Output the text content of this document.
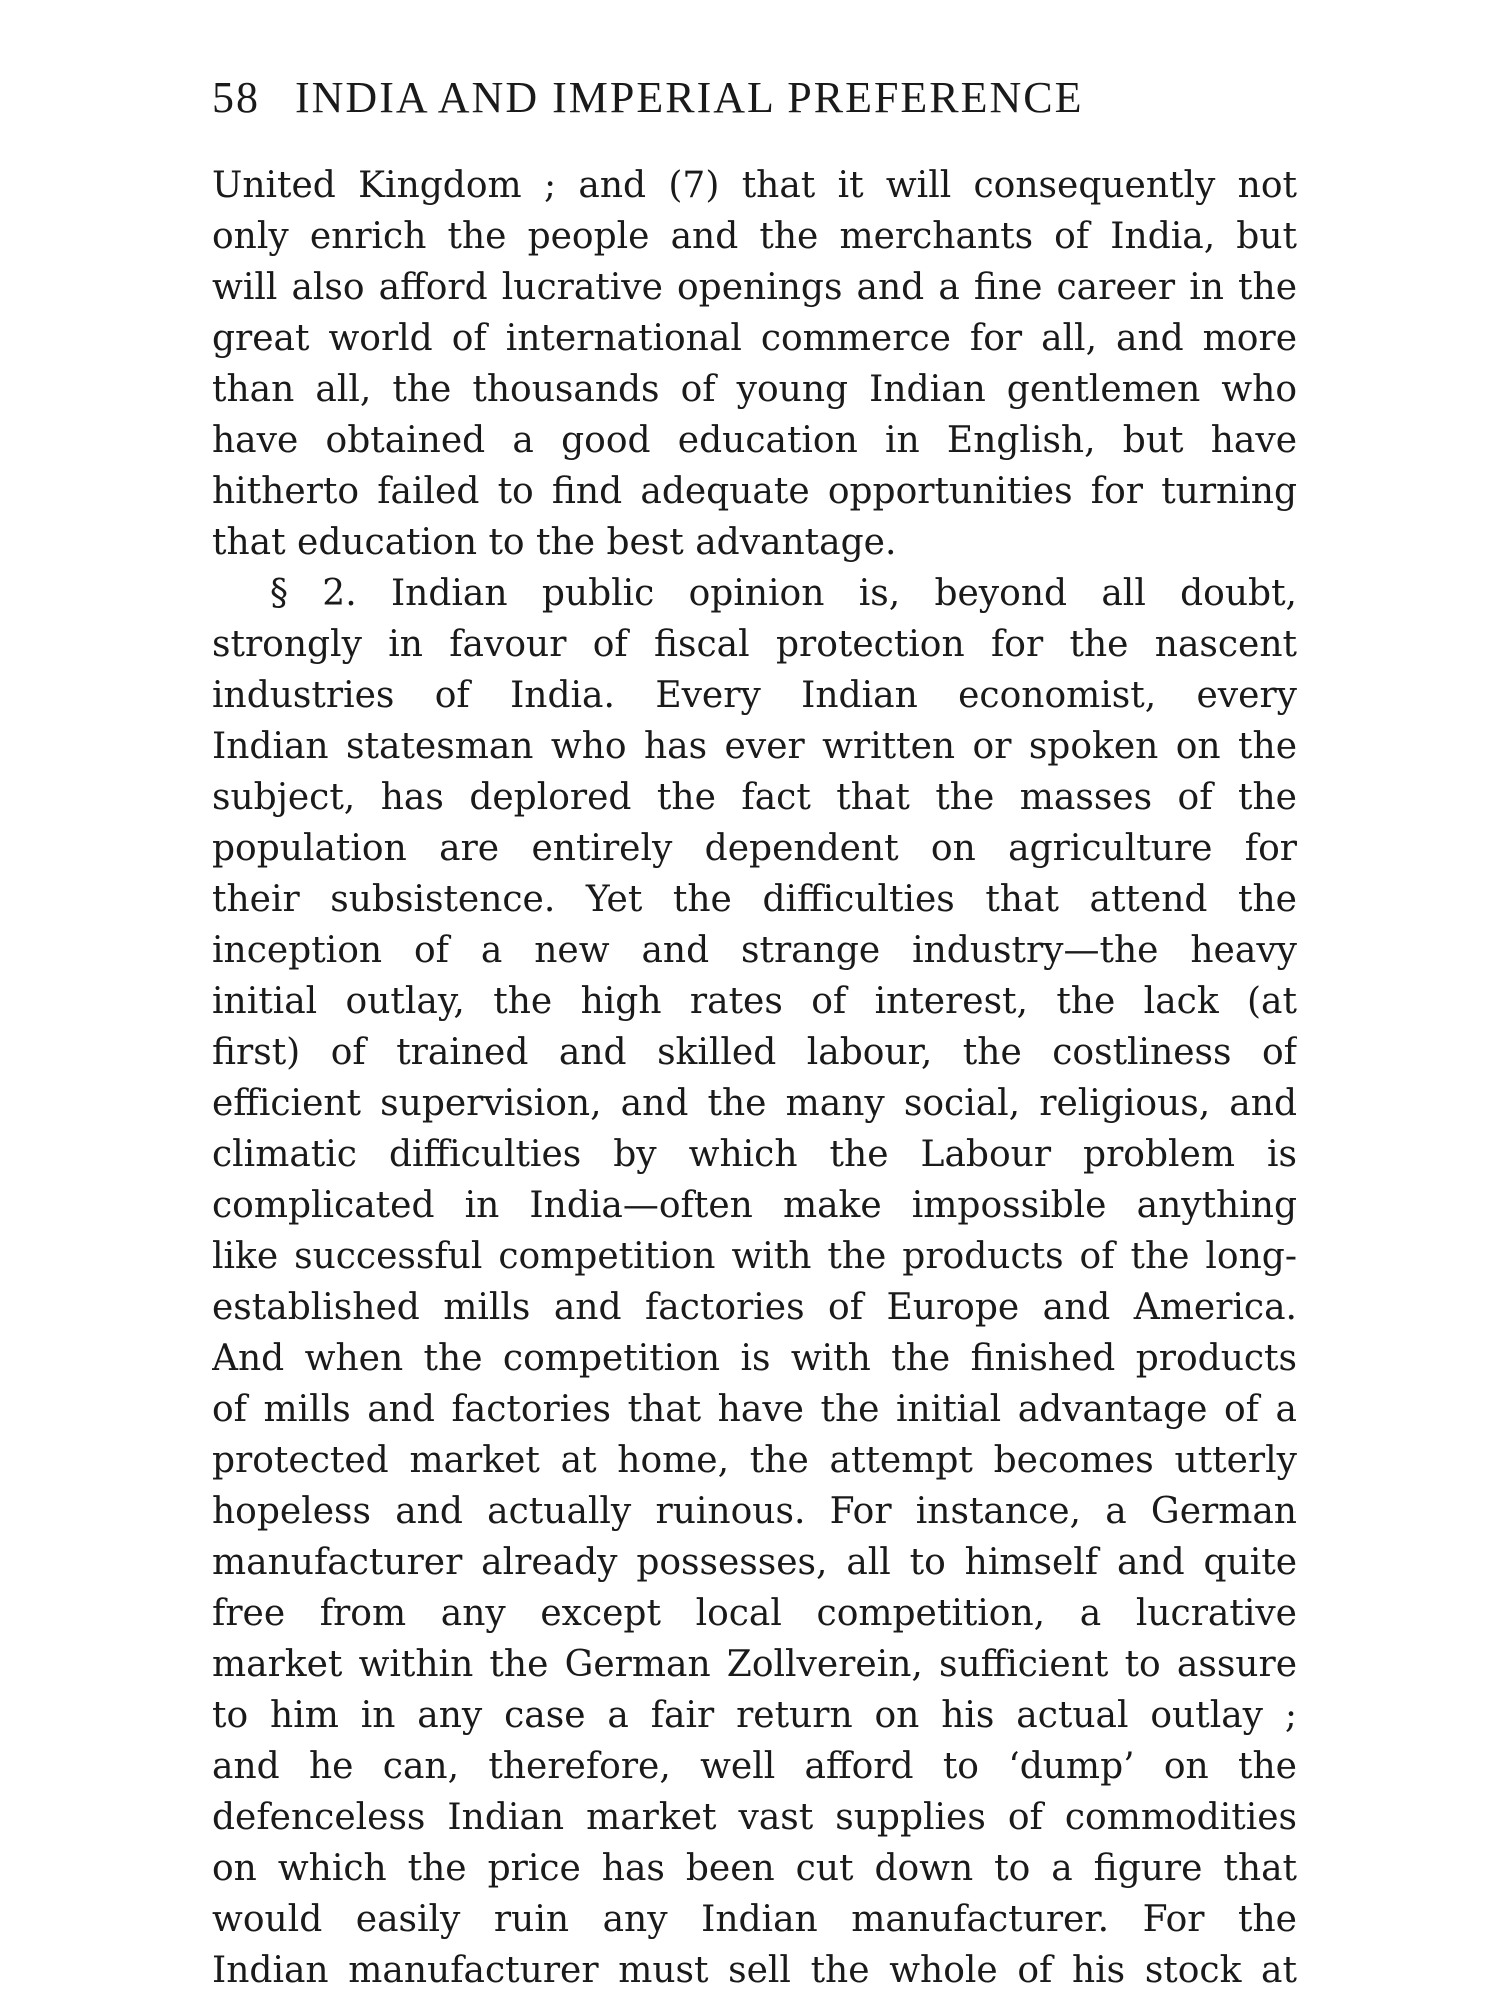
58 INDIA AND IMPERIAL PREFERENCE
United Kingdom ; and (7) that it will consequently not
only enrich the people and the merchants of India, but
will also afford lucrative openings and a fine career in the
great world of international commerce for all, and more
than all, the thousands of young Indian gentlemen who
have obtained a good education in English, but have
hitherto failed to find adequate opportunities for turning
that education to the best advantage.
§ 2. Indian public opinion is, beyond all doubt,
strongly in favour of fiscal protection for the nascent
industries of India. Every Indian economist, every
Indian statesman who has ever written or spoken on the
subject, has deplored the fact that the masses of the
population are entirely dependent on agriculture for
their subsistence. Yet the difficulties that attend the
inception of a new and strange industry—the heavy
initial outlay, the high rates of interest, the lack (at
first) of trained and skilled labour, the costliness of
efficient supervision, and the many social, religious, and
climatic difficulties by which the Labour problem is
complicated in India—often make impossible anything
like successful competition with the products of the long-
established mills and factories of Europe and America.
And when the competition is with the finished products
of mills and factories that have the initial advantage of a
protected market at home, the attempt becomes utterly
hopeless and actually ruinous. For instance, a German
manufacturer already possesses, all to himself and quite
free from any except local competition, a lucrative
market within the German Zollverein, sufficient to assure
to him in any case a fair return on his actual outlay ;
and he can, therefore, well afford to ‘dump’ on the
defenceless Indian market vast supplies of commodities
on which the price has been cut down to a figure that
would easily ruin any Indian manufacturer. For the
Indian manufacturer must sell the whole of his stock at
